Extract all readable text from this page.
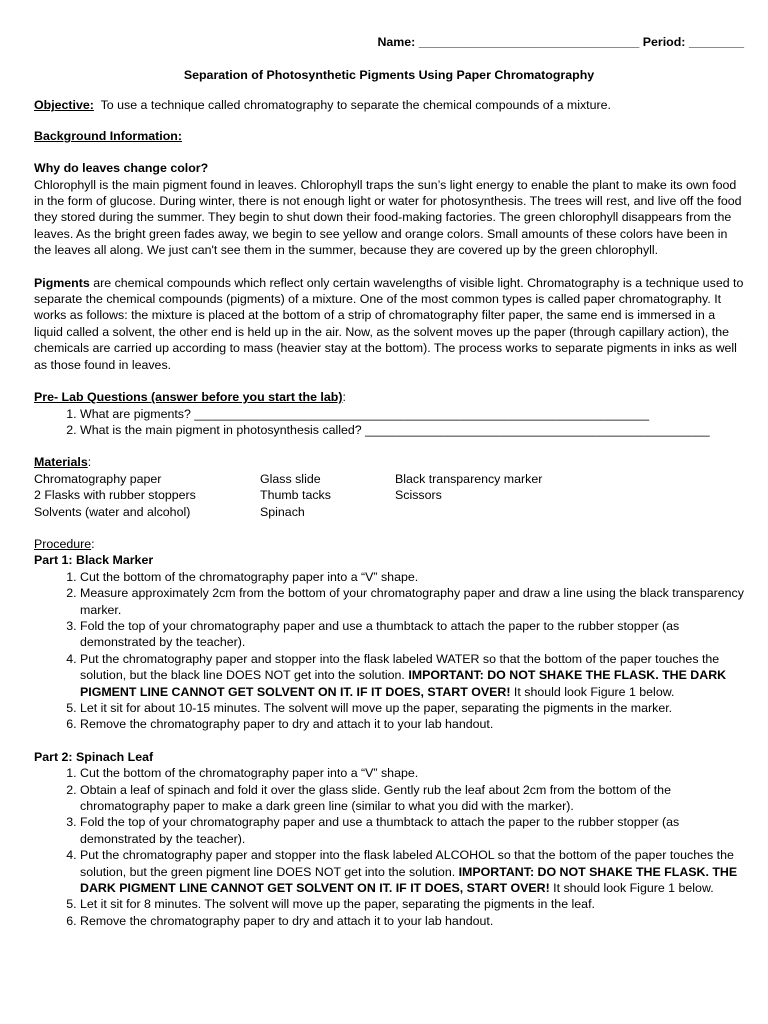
Name: ________________________________ Period: ________
Separation of Photosynthetic Pigments Using Paper Chromatography
Objective: To use a technique called chromatography to separate the chemical compounds of a mixture.
Background Information:
Why do leaves change color?

Chlorophyll is the main pigment found in leaves. Chlorophyll traps the sun’s light energy to enable the plant to make its own food in the form of glucose. During winter, there is not enough light or water for photosynthesis. The trees will rest, and live off the food they stored during the summer. They begin to shut down their food-making factories. The green chlorophyll disappears from the leaves. As the bright green fades away, we begin to see yellow and orange colors. Small amounts of these colors have been in the leaves all along. We just can't see them in the summer, because they are covered up by the green chlorophyll.

Pigments are chemical compounds which reflect only certain wavelengths of visible light. Chromatography is a technique used to separate the chemical compounds (pigments) of a mixture. One of the most common types is called paper chromatography. It works as follows: the mixture is placed at the bottom of a strip of chromatography filter paper, the same end is immersed in a liquid called a solvent, the other end is held up in the air. Now, as the solvent moves up the paper (through capillary action), the chemicals are carried up according to mass (heavier stay at the bottom). The process works to separate pigments in inks as well as those found in leaves.

Pre- Lab Questions (answer before you start the lab):
1. What are pigments? __________________________________________________________________
2. What is the main pigment in photosynthesis called? __________________________________________________
Materials:
Chromatography paper
2 Flasks with rubber stoppers
Solvents (water and alcohol)
Glass slide
Thumb tacks
Spinach
Black transparency marker
Scissors
Procedure:
Part 1: Black Marker
1. Cut the bottom of the chromatography paper into a “V” shape.
2. Measure approximately 2cm from the bottom of your chromatography paper and draw a line using the black transparency marker.
3. Fold the top of your chromatography paper and use a thumbtack to attach the paper to the rubber stopper (as demonstrated by the teacher).
4. Put the chromatography paper and stopper into the flask labeled WATER so that the bottom of the paper touches the solution, but the black line DOES NOT get into the solution. IMPORTANT: DO NOT SHAKE THE FLASK. THE DARK PIGMENT LINE CANNOT GET SOLVENT ON IT. IF IT DOES, START OVER! It should look Figure 1 below.
5. Let it sit for about 10-15 minutes. The solvent will move up the paper, separating the pigments in the marker.
6. Remove the chromatography paper to dry and attach it to your lab handout.
Part 2: Spinach Leaf
1. Cut the bottom of the chromatography paper into a “V” shape.
2. Obtain a leaf of spinach and fold it over the glass slide. Gently rub the leaf about 2cm from the bottom of the chromatography paper to make a dark green line (similar to what you did with the marker).
3. Fold the top of your chromatography paper and use a thumbtack to attach the paper to the rubber stopper (as demonstrated by the teacher).
4. Put the chromatography paper and stopper into the flask labeled ALCOHOL so that the bottom of the paper touches the solution, but the green pigment line DOES NOT get into the solution. IMPORTANT: DO NOT SHAKE THE FLASK. THE DARK PIGMENT LINE CANNOT GET SOLVENT ON IT. IF IT DOES, START OVER! It should look Figure 1 below.
5. Let it sit for 8 minutes. The solvent will move up the paper, separating the pigments in the leaf.
6. Remove the chromatography paper to dry and attach it to your lab handout.
